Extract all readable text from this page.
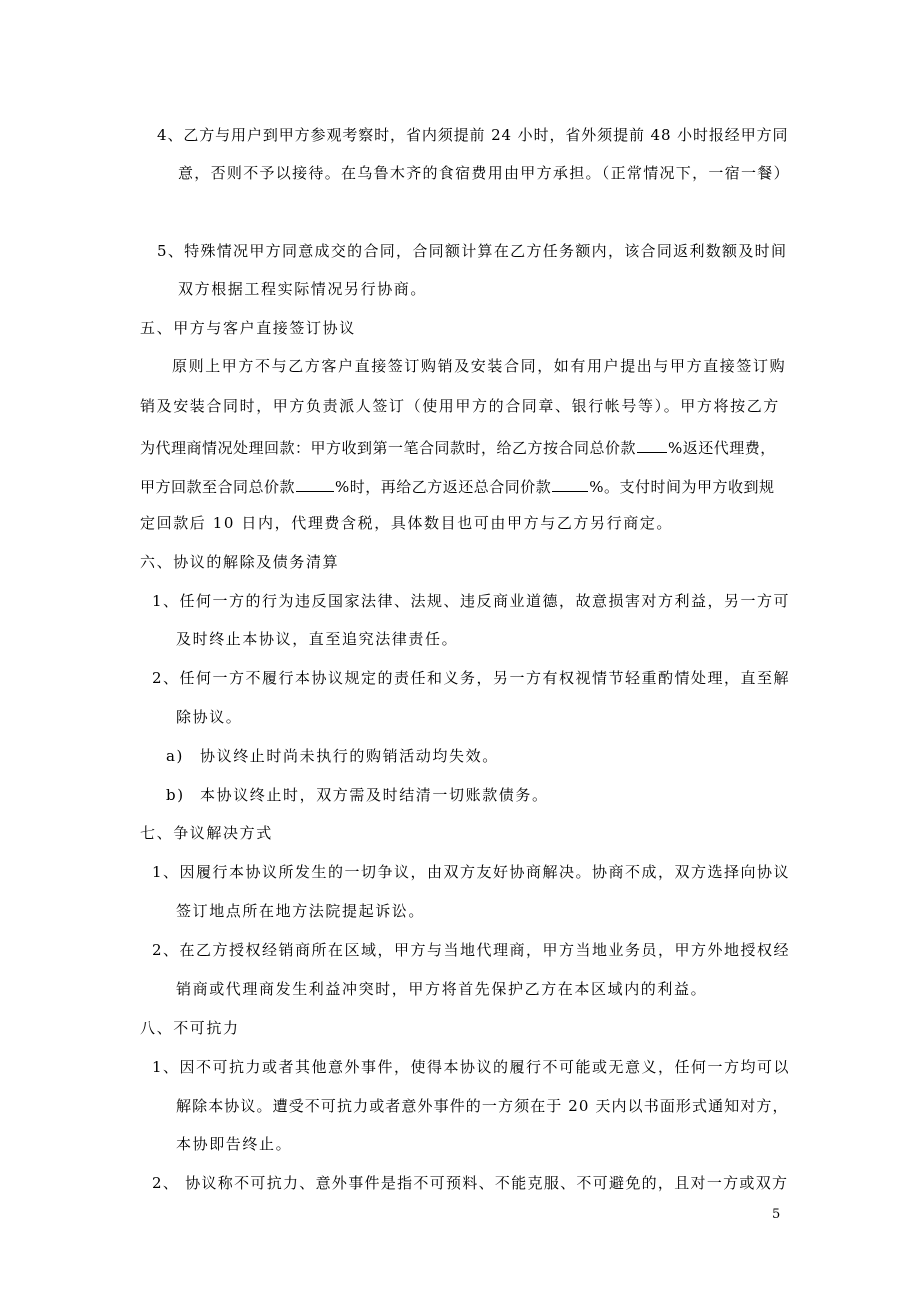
4、乙方与用户到甲方参观考察时，省内须提前 24 小时，省外须提前 48 小时报经甲方同
意，否则不予以接待。在乌鲁木齐的食宿费用由甲方承担。（正常情况下，一宿一餐）
5、特殊情况甲方同意成交的合同，合同额计算在乙方任务额内，该合同返利数额及时间
双方根据工程实际情况另行协商。
五、甲方与客户直接签订协议
原则上甲方不与乙方客户直接签订购销及安装合同，如有用户提出与甲方直接签订购
销及安装合同时，甲方负责派人签订（使用甲方的合同章、银行帐号等）。甲方将按乙方
为代理商情况处理回款：甲方收到第一笔合同款时，给乙方按合同总价款 %返还代理费，
甲方回款至合同总价款	%时，再给乙方返还总合同价款	%。支付时间为甲方收到规
定回款后 10 日内，代理费含税，具体数目也可由甲方与乙方另行商定。
六、协议的解除及债务清算
1、任何一方的行为违反国家法律、法规、违反商业道德，故意损害对方利益，另一方可
及时终止本协议，直至追究法律责任。
2、任何一方不履行本协议规定的责任和义务，另一方有权视情节轻重酌情处理，直至解
除协议。
a) 协议终止时尚未执行的购销活动均失效。
b) 本协议终止时，双方需及时结清一切账款债务。
七、争议解决方式
1、因履行本协议所发生的一切争议，由双方友好协商解决。协商不成，双方选择向协议
签订地点所在地方法院提起诉讼。
2、在乙方授权经销商所在区域，甲方与当地代理商，甲方当地业务员，甲方外地授权经
销商或代理商发生利益冲突时，甲方将首先保护乙方在本区域内的利益。
八、不可抗力
1、因不可抗力或者其他意外事件，使得本协议的履行不可能或无意义，任何一方均可以
解除本协议。遭受不可抗力或者意外事件的一方须在于 20 天内以书面形式通知对方，
本协即告终止。
2、 协议称不可抗力、意外事件是指不可预料、不能克服、不可避免的，且对一方或双方
5
